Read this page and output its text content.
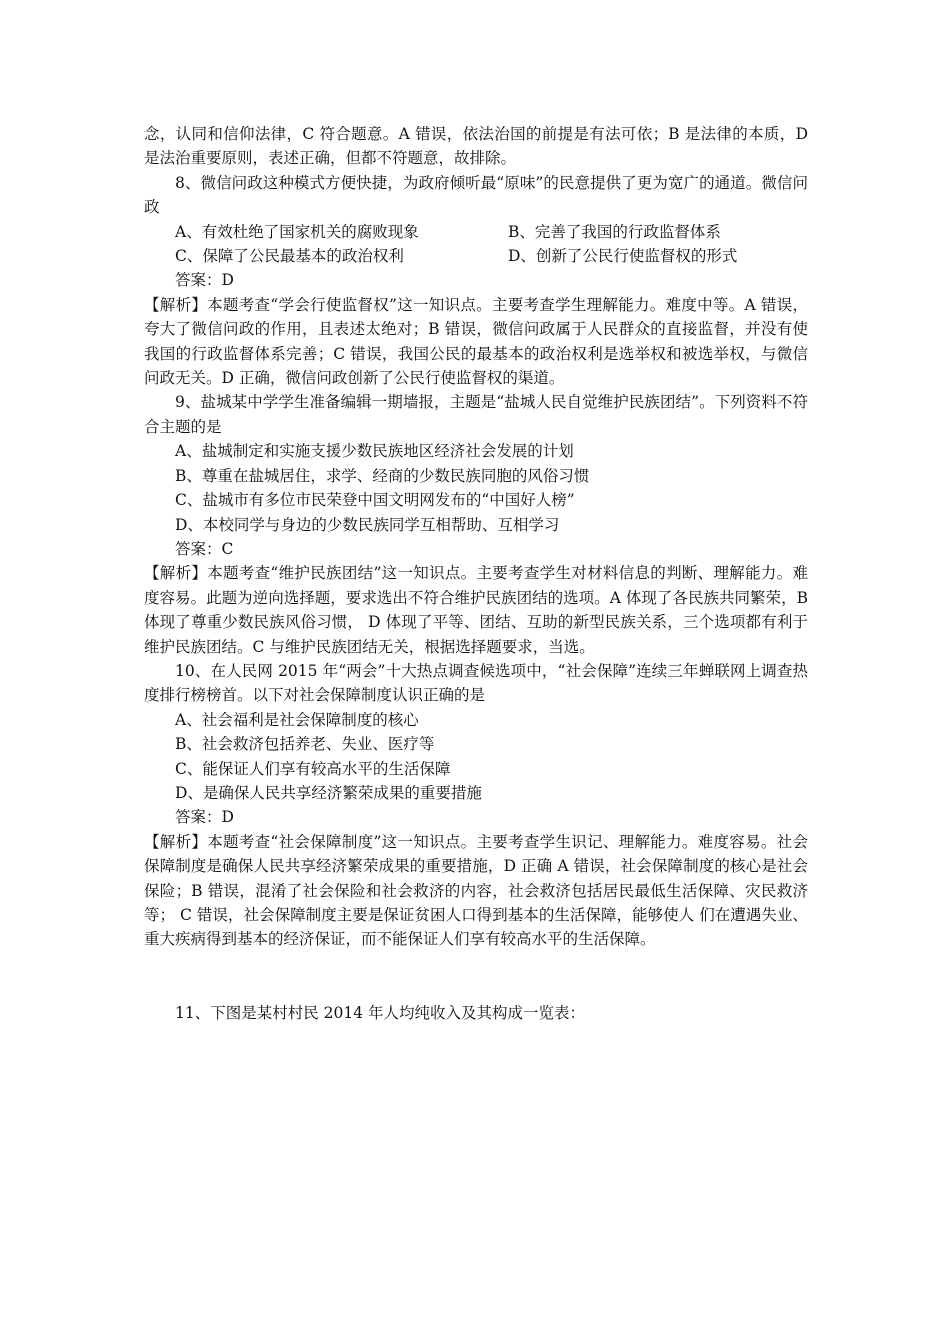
念，认同和信仰法律，C 符合题意。A 错误，依法治国的前提是有法可依；B 是法律的本质，D 是法治重要原则，表述正确，但都不符题意，故排除。

8、微信问政这种模式方便快捷，为政府倾听最“原味”的民意提供了更为宽广的通道。微信问政

A、有效杜绝了国家机关的腐败现象	B、完善了我国的行政监督体系
C、保障了公民最基本的政治权利	D、创新了公民行使监督权的形式

答案：D

【解析】本题考查“学会行使监督权”这一知识点。主要考查学生理解能力。难度中等。A 错误，夸大了微信问政的作用，且表述太绝对；B 错误，微信问政属于人民群众的直接监督，并没有使我国的行政监督体系完善；C 错误，我国公民的最基本的政治权利是选举权和被选举权，与微信问政无关。D 正确，微信问政创新了公民行使监督权的渠道。

9、盐城某中学学生准备编辑一期墙报，主题是“盐城人民自觉维护民族团结”。下列资料不符合主题的是

A、盐城制定和实施支援少数民族地区经济社会发展的计划

B、尊重在盐城居住，求学、经商的少数民族同胞的风俗习惯

C、盐城市有多位市民荣登中国文明网发布的“中国好人榜”

D、本校同学与身边的少数民族同学互相帮助、互相学习

答案：C

【解析】本题考查“维护民族团结”这一知识点。主要考查学生对材料信息的判断、理解能力。难度容易。此题为逆向选择题，要求选出不符合维护民族团结的选项。A 体现了各民族共同繁荣，B 体现了尊重少数民族风俗习惯， D 体现了平等、团结、互助的新型民族关系，三个选项都有利于维护民族团结。C 与维护民族团结无关，根据选择题要求，当选。

10、在人民网 2015 年“两会”十大热点调查候选项中，“社会保障”连续三年蝉联网上调查热度排行榜榜首。以下对社会保障制度认识正确的是

A、社会福利是社会保障制度的核心

B、社会救济包括养老、失业、医疗等

C、能保证人们享有较高水平的生活保障

D、是确保人民共享经济繁荣成果的重要措施

答案：D

【解析】本题考查“社会保障制度”这一知识点。主要考查学生识记、理解能力。难度容易。社会保障制度是确保人民共享经济繁荣成果的重要措施，D 正确 A 错误，社会保障制度的核心是社会保险；B 错误，混淆了社会保险和社会救济的内容，社会救济包括居民最低生活保障、灾民救济等； C 错误，社会保障制度主要是保证贫困人口得到基本的生活保障，能够使人 们在遭遇失业、重大疾病得到基本的经济保证，而不能保证人们享有较高水平的生活保障。

11、下图是某村村民 2014 年人均纯收入及其构成一览表：
